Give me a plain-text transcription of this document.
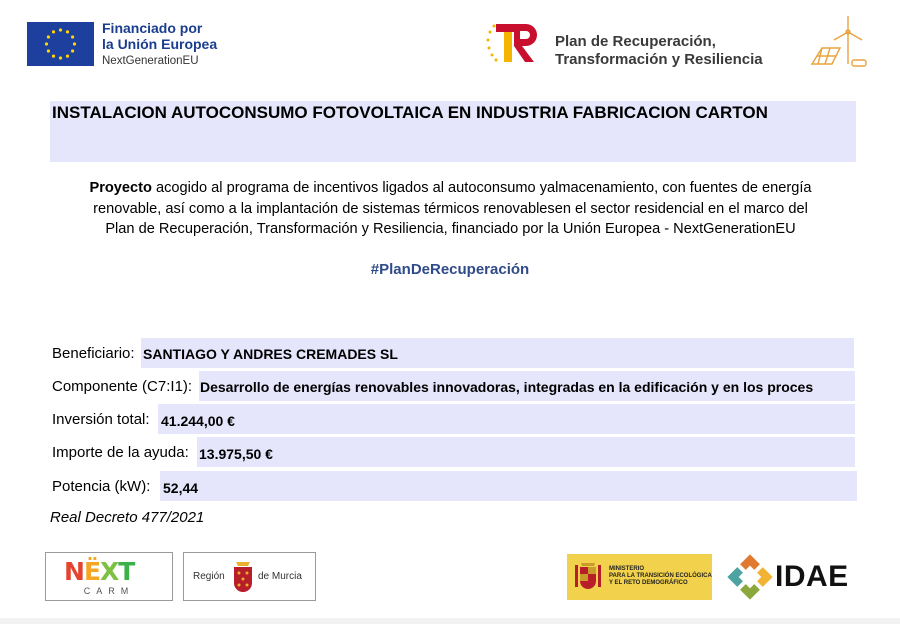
Financiado por
la Unión Europea
NextGenerationEU
Plan de Recuperación,
Transformación y Resiliencia
INSTALACION AUTOCONSUMO FOTOVOLTAICA EN INDUSTRIA FABRICACION CARTON
Proyecto acogido al programa de incentivos ligados al autoconsumo yalmacenamiento, con fuentes de energía
renovable, así como a la implantación de sistemas térmicos renovablesen el sector residencial en el marco del
Plan de Recuperación, Transformación y Resiliencia, financiado por la Unión Europea - NextGenerationEU
#PlanDeRecuperación
Beneficiario: SANTIAGO Y ANDRES CREMADES SL
Componente (C7:I1): Desarrollo de energías renovables innovadoras, integradas en la edificación y en los proces
Inversión total: 41.244,00 €
Importe de la ayuda: 13.975,50 €
Potencia (kW): 52,44
Real Decreto 477/2021
NËXT
CARM
Región	de Murcia
MINISTERIO
PARA LA TRANSICIÓN ECOLÓGICA
Y EL RETO DEMOGRÁFICO	IDAE
